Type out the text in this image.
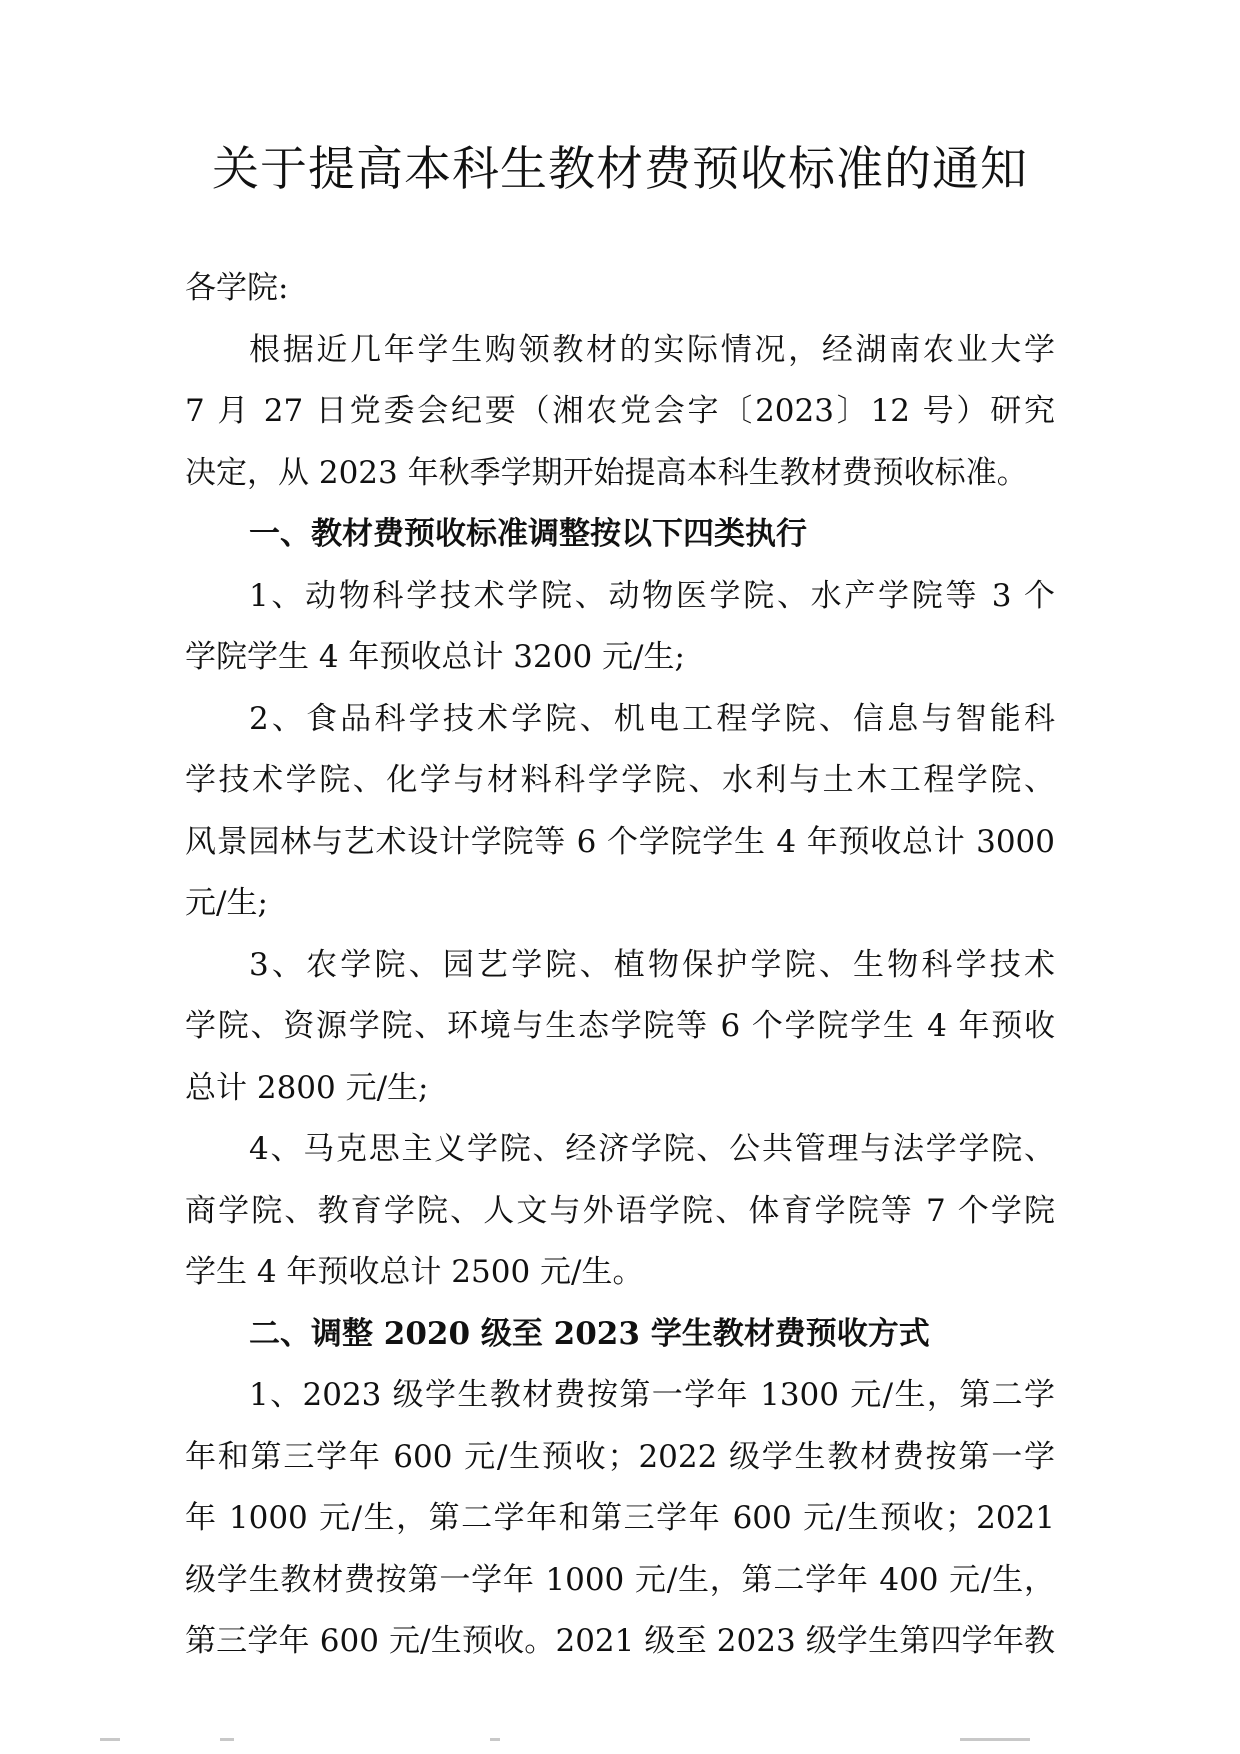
关于提高本科生教材费预收标准的通知
各学院:
根据近几年学生购领教材的实际情况，经湖南农业大学
7 月 27 日党委会纪要（湘农党会字〔2023〕12 号）研究
决定，从 2023 年秋季学期开始提高本科生教材费预收标准。
一、教材费预收标准调整按以下四类执行
1、动物科学技术学院、动物医学院、水产学院等 3 个
学院学生 4 年预收总计 3200 元/生;
2、食品科学技术学院、机电工程学院、信息与智能科
学技术学院、化学与材料科学学院、水利与土木工程学院、
风景园林与艺术设计学院等 6 个学院学生 4 年预收总计 3000
元/生;
3、农学院、园艺学院、植物保护学院、生物科学技术
学院、资源学院、环境与生态学院等 6 个学院学生 4 年预收
总计 2800 元/生;
4、马克思主义学院、经济学院、公共管理与法学学院、
商学院、教育学院、人文与外语学院、体育学院等 7 个学院
学生 4 年预收总计 2500 元/生。
二、调整 2020 级至 2023 学生教材费预收方式
1、2023 级学生教材费按第一学年 1300 元/生，第二学
年和第三学年 600 元/生预收；2022 级学生教材费按第一学
年 1000 元/生，第二学年和第三学年 600 元/生预收；2021
级学生教材费按第一学年 1000 元/生，第二学年 400 元/生，
第三学年 600 元/生预收。2021 级至 2023 级学生第四学年教
